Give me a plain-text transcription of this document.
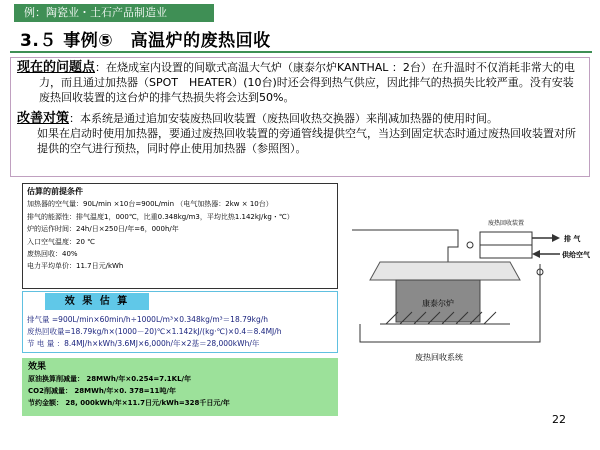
例：陶瓷业・土石产品制造业
3.５ 事例⑤　高温炉的废热回收

现在的问题点：在烧成室内设置的间歇式高温大气炉（康泰尔炉KANTHAL ：2台）在升温时不仅消耗非常大的电力，而且通过加热器（SPOT　HEATER）(10台)时还会得到热气供应，因此排气的热损失比较严重。没有安装废热回收装置的这台炉的排气热损失将会达到50%。

改善对策：本系统是通过追加安装废热回收装置（废热回收热交换器）来削减加热器的使用时间。

如果在启动时使用加热器，要通过废热回收装置的旁通管线提供空气，当达到固定状态时通过废热回收装置对所提供的空气进行预热，同时停止使用加热器（参照图）。

估算的前提条件
加热器的空气量：90L/min ×10台=900L/min （电气加热器：2kw × 10台）
排气的能源性：排气温度1，000℃，比重0.348kg/m3，平均比热1.142kJ/kg・℃）
炉的运作时间：24h/日×250日/年=6，000h/年
入口空气温度：20 ℃
废热回收：40%
电力平均单价：11.7日元/kWh
效 果 估 算
排气量 =900L/min×60min/h÷1000L/m³×0.348kg/m³＝18.79kg/h
废热回收量=18.79kg/h×(1000－20)℃×1.142kJ/(kg·℃)×0.4＝8.4MJ/h
节 电 量 ：8.4MJ/h×kWh/3.6MJ×6,000h/年×2基＝28,000kWh/年
效果
原油换算削减量： 28MWh/年×0.254=7.1KL/年
CO2削减量： 28MWh/年×0. 378=11吨/年
节约金额： 28, 000kWh/年×11.7日元/kWh=328千日元/年
康泰尔炉
废热回收装置
排 气
供给空气
废热回收系统
22
